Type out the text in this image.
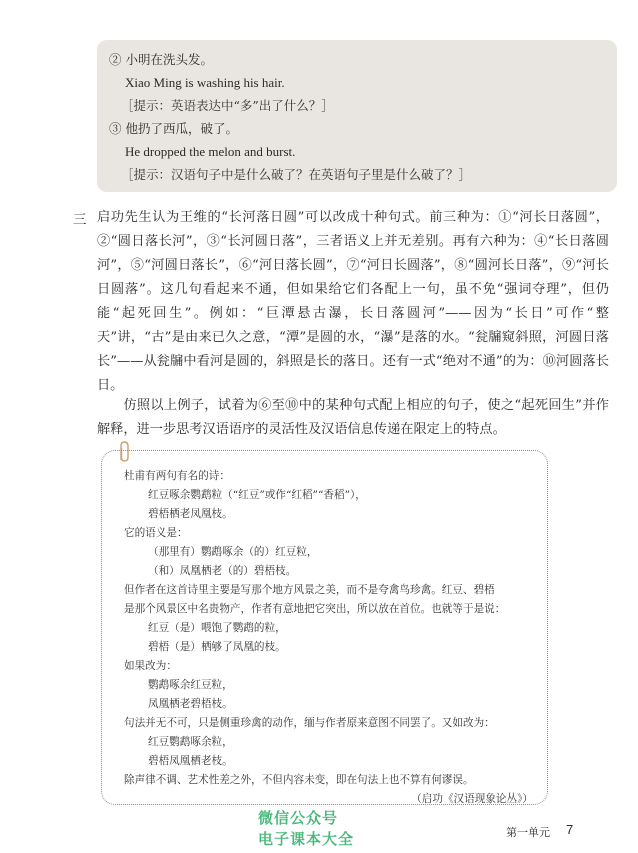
② 小明在洗头发。
Xiao Ming is washing his hair.
［提示：英语表达中“多”出了什么？］
③ 他扔了西瓜，破了。
He dropped the melon and burst.
［提示：汉语句子中是什么破了？在英语句子里是什么破了？］
三 启功先生认为王维的“长河落日圆”可以改成十种句式。前三种为：①“河长日落圆”，②“圆日落长河”，③“长河圆日落”，三者语义上并无差别。再有六种为：④“长日落圆河”，⑤“河圆日落长”，⑥“河日落长圆”，⑦“河日长圆落”，⑧“圆河长日落”，⑨“河长日圆落”。这几句看起来不通，但如果给它们各配上一句，虽不免“强词夺理”，但仍能“起死回生”。例如：“巨潭悬古瀑，长日落圆河”——因为“长日”可作“整天”讲，“古”是由来已久之意，“潭”是圆的水，“瀑”是落的水。“瓮牖窥斜照，河圆日落长”——从瓮牖中看河是圆的，斜照是长的落日。还有一式“绝对不通”的为：⑩河圆落长日。

仿照以上例子，试着为⑥至⑩中的某种句式配上相应的句子，使之“起死回生”并作解释，进一步思考汉语语序的灵活性及汉语信息传递在限定上的特点。

杜甫有两句有名的诗：
红豆啄余鹦鹉粒（“红豆”或作“红稻”“香稻”），
碧梧栖老凤凰枝。
它的语义是：
（那里有）鹦鹉啄余（的）红豆粒，
（和）凤凰栖老（的）碧梧枝。
但作者在这首诗里主要是写那个地方风景之美，而不是夸禽鸟珍禽。红豆、碧梧
是那个风景区中名贵物产，作者有意地把它突出，所以放在首位。也就等于是说：
红豆（是）喂饱了鹦鹉的粒，
碧梧（是）栖够了凤凰的枝。
如果改为：
鹦鹉啄余红豆粒，
凤凰栖老碧梧枝。
句法并无不可，只是侧重珍禽的动作，缅与作者原来意图不同罢了。又如改为：
红豆鹦鹉啄余粒，
碧梧凤凰栖老枝。
除声律不调、艺术性差之外，不但内容未变，即在句法上也不算有何谬误。
（启功《汉语现象论丛》）
微信公众号
电子课本大全	第一单元 7
